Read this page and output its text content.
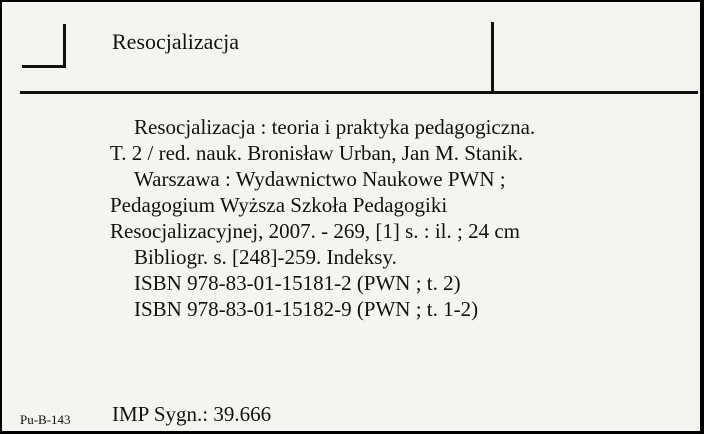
Resocjalizacja
Resocjalizacja : teoria i praktyka pedagogiczna.
T. 2 / red. nauk. Bronisław Urban, Jan M. Stanik.
Warszawa : Wydawnictwo Naukowe PWN ;
Pedagogium Wyższa Szkoła Pedagogiki
Resocjalizacyjnej, 2007. - 269, [1] s. : il. ; 24 cm
Bibliogr. s. [248]-259. Indeksy.
ISBN 978-83-01-15181-2 (PWN ; t. 2)
ISBN 978-83-01-15182-9 (PWN ; t. 1-2)
Pu-B-143 IMP Sygn.: 39.666
